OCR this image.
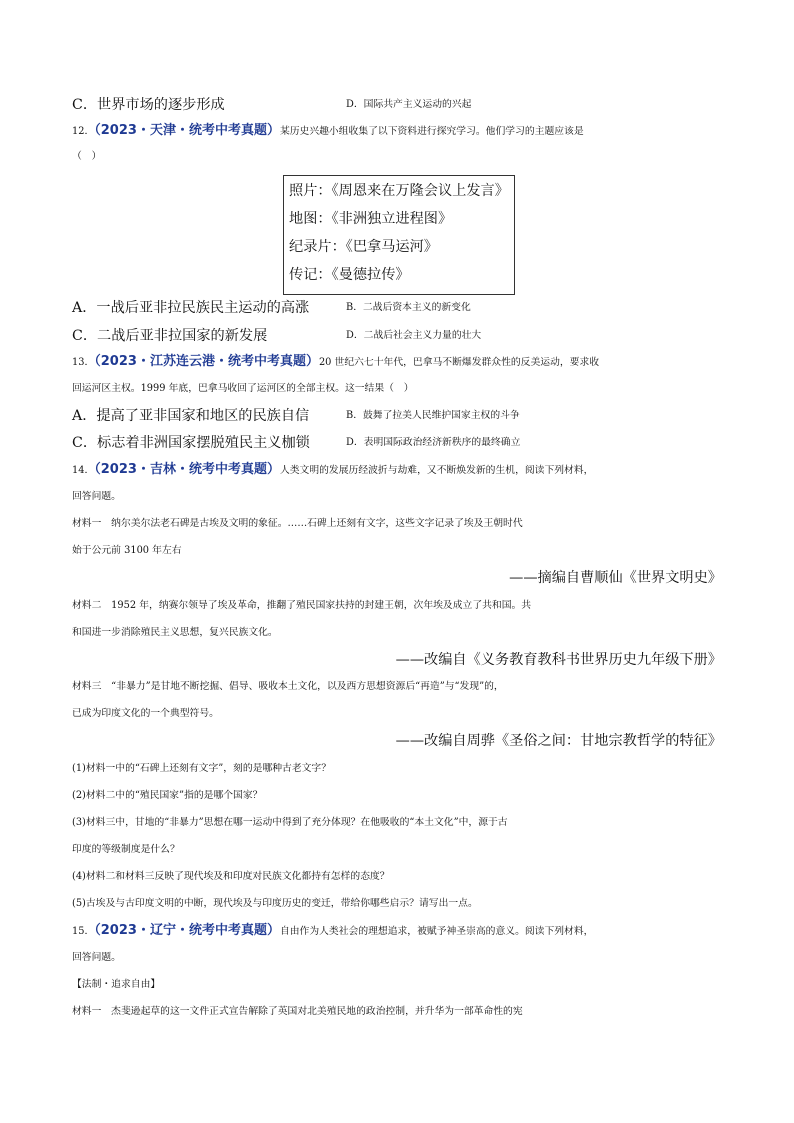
C．世界市场的逐步形成	D．国际共产主义运动的兴起
12．（2023・天津・统考中考真题）某历史兴趣小组收集了以下资料进行探究学习。他们学习的主题应该是
（　）
照片：《周恩来在万隆会议上发言》
地图：《非洲独立进程图》
纪录片：《巴拿马运河》
传记：《曼德拉传》
A．一战后亚非拉民族民主运动的高涨	B．二战后资本主义的新变化
C．二战后亚非拉国家的新发展	D．二战后社会主义力量的壮大
13．（2023・江苏连云港・统考中考真题）20 世纪六七十年代，巴拿马不断爆发群众性的反美运动，要求收
回运河区主权。1999 年底，巴拿马收回了运河区的全部主权。这一结果（　）
A．提高了亚非国家和地区的民族自信	B．鼓舞了拉美人民维护国家主权的斗争
C．标志着非洲国家摆脱殖民主义枷锁	D．表明国际政治经济新秩序的最终确立
14．（2023・吉林・统考中考真题）人类文明的发展历经波折与劫难，又不断焕发新的生机，阅读下列材料，
回答问题。
材料一　纳尔美尔法老石碑是古埃及文明的象征。……石碑上还刻有文字，这些文字记录了埃及王朝时代
始于公元前 3100 年左右
——摘编自曹顺仙《世界文明史》
材料二　1952 年，纳赛尔领导了埃及革命，推翻了殖民国家扶持的封建王朝，次年埃及成立了共和国。共
和国进一步消除殖民主义思想，复兴民族文化。
——改编自《义务教育教科书世界历史九年级下册》
材料三　“非暴力”是甘地不断挖掘、倡导、吸收本土文化，以及西方思想资源后“再造”与“发现”的，
已成为印度文化的一个典型符号。
——改编自周骅《圣俗之间：甘地宗教哲学的特征》
(1)材料一中的“石碑上还刻有文字”，刻的是哪种古老文字？
(2)材料二中的“殖民国家”指的是哪个国家？
(3)材料三中，甘地的“非暴力”思想在哪一运动中得到了充分体现？在他吸收的“本土文化”中，源于古
印度的等级制度是什么？
(4)材料二和材料三反映了现代埃及和印度对民族文化都持有怎样的态度？
(5)古埃及与古印度文明的中断，现代埃及与印度历史的变迁，带给你哪些启示？请写出一点。
15．（2023・辽宁・统考中考真题）自由作为人类社会的理想追求，被赋予神圣崇高的意义。阅读下列材料，
回答问题。
【法制・追求自由】
材料一　杰斐逊起草的这一文件正式宣告解除了英国对北美殖民地的政治控制，并升华为一部革命性的宪
